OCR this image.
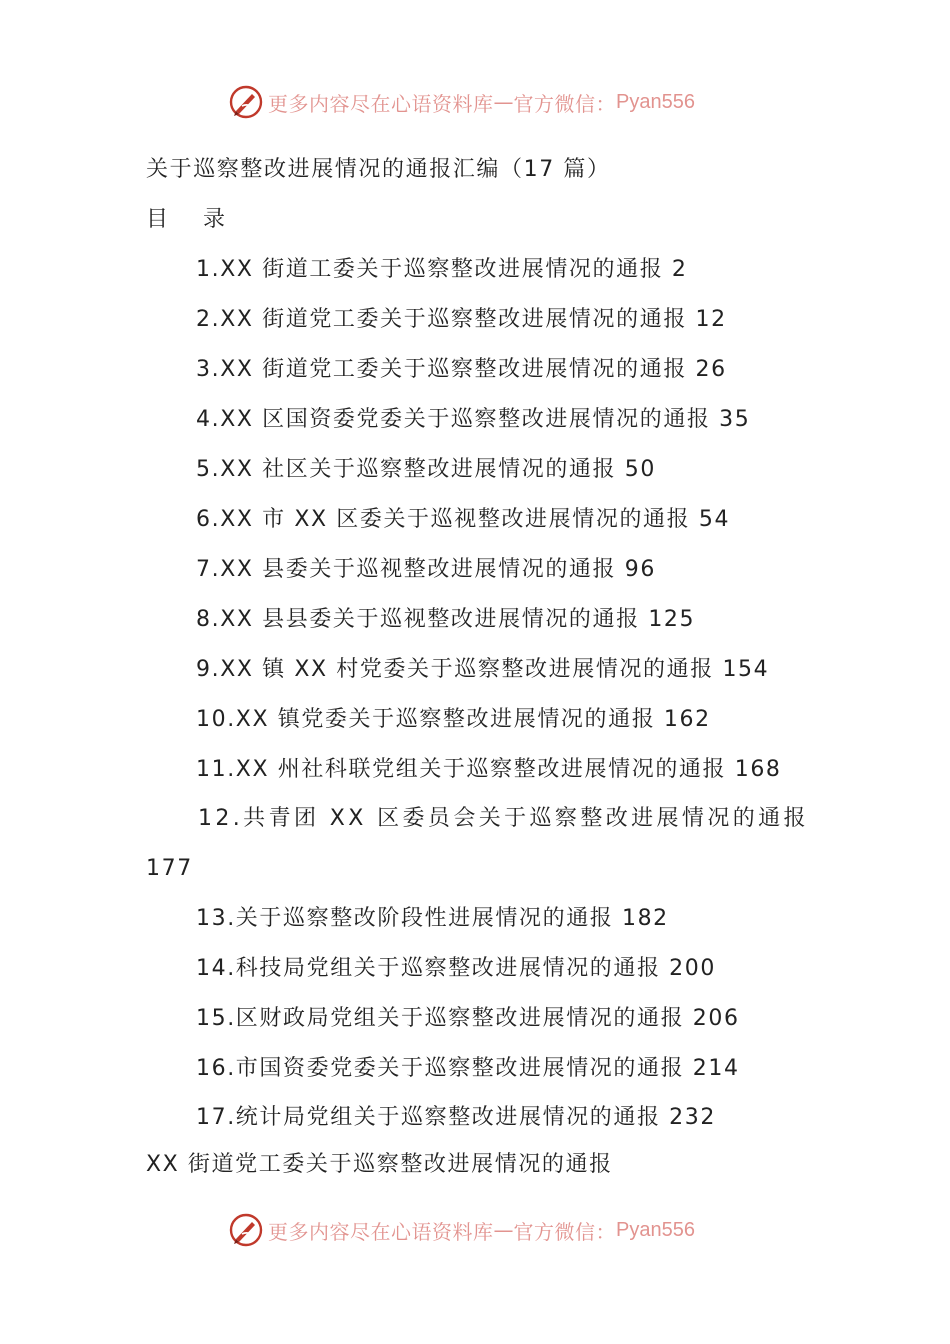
更多内容尽在心语资料库 — 官方微信： Pyan556
关于巡察整改进展情况的通报汇编（17 篇）
目 录
1.XX 街道工委关于巡察整改进展情况的通报 2
2.XX 街道党工委关于巡察整改进展情况的通报 12
3.XX 街道党工委关于巡察整改进展情况的通报 26
4.XX 区国资委党委关于巡察整改进展情况的通报 35
5.XX 社区关于巡察整改进展情况的通报 50
6.XX 市 XX 区委关于巡视整改进展情况的通报 54
7.XX 县委关于巡视整改进展情况的通报 96
8.XX 县县委关于巡视整改进展情况的通报 125
9.XX 镇 XX 村党委关于巡察整改进展情况的通报 154
10.XX 镇党委关于巡察整改进展情况的通报 162
11.XX 州社科联党组关于巡察整改进展情况的通报 168
12.共青团 XX 区委员会关于巡察整改进展情况的通报
177
13.关于巡察整改阶段性进展情况的通报 182
14.科技局党组关于巡察整改进展情况的通报 200
15.区财政局党组关于巡察整改进展情况的通报 206
16.市国资委党委关于巡察整改进展情况的通报 214
17.统计局党组关于巡察整改进展情况的通报 232
XX 街道党工委关于巡察整改进展情况的通报
更多内容尽在心语资料库 — 官方微信： Pyan556
